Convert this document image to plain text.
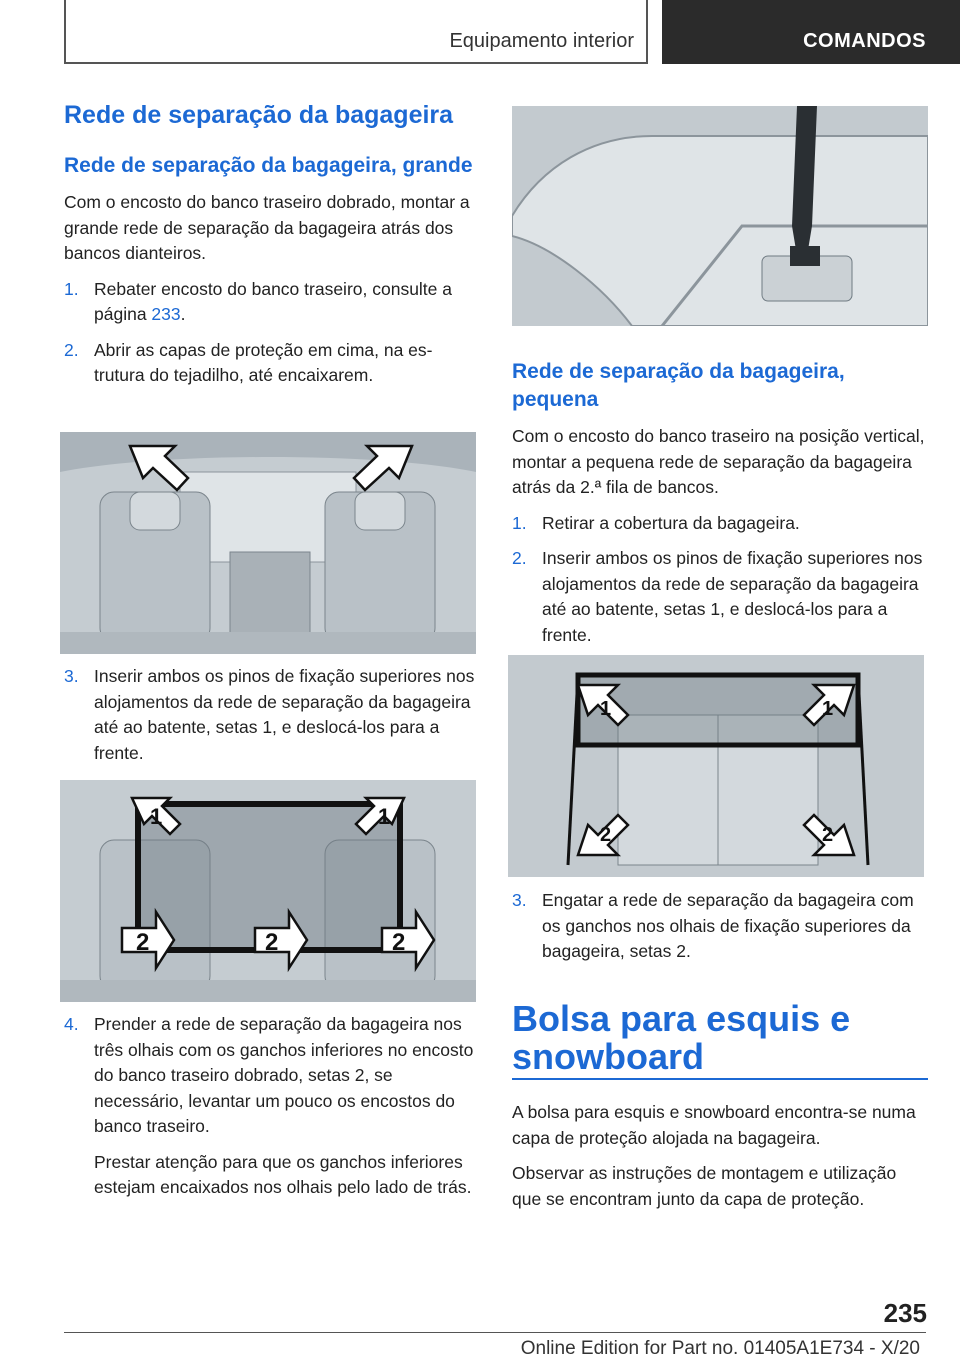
Equipamento interior	COMANDOS
Rede de separação da bagageira
Rede de separação da bagageira, grande

Com o encosto do banco traseiro dobrado, montar a grande rede de separação da bagageira atrás dos bancos dianteiros.

1. Rebater encosto do banco traseiro, consulte a página 233.
2. Abrir as capas de proteção em cima, na estrutura do tejadilho, até encaixarem.
3. Inserir ambos os pinos de fixação superiores nos alojamentos da rede de separação da bagageira até ao batente, setas 1, e deslocá-los para a frente.
1	1
2	2	2
4. Prender a rede de separação da bagageira nos três olhais com os ganchos inferiores no encosto do banco traseiro dobrado, setas 2, se necessário, levantar um pouco os encostos do banco traseiro.

Prestar atenção para que os ganchos inferiores estejam encaixados nos olhais pelo lado de trás.

Rede de separação da bagageira, pequena

Com o encosto do banco traseiro na posição vertical, montar a pequena rede de separação da bagageira atrás da 2.ª fila de bancos.

1. Retirar a cobertura da bagageira.
2. Inserir ambos os pinos de fixação superiores nos alojamentos da rede de separação da bagageira até ao batente, setas 1, e deslocá-los para a frente.
1	1
2	2
3. Engatar a rede de separação da bagageira com os ganchos nos olhais de fixação superiores da bagageira, setas 2.
Bolsa para esquis e snowboard

A bolsa para esquis e snowboard encontra-se numa capa de proteção alojada na bagageira.

Observar as instruções de montagem e utilização que se encontram junto da capa de proteção.

235
Online Edition for Part no. 01405A1E734 - X/20
